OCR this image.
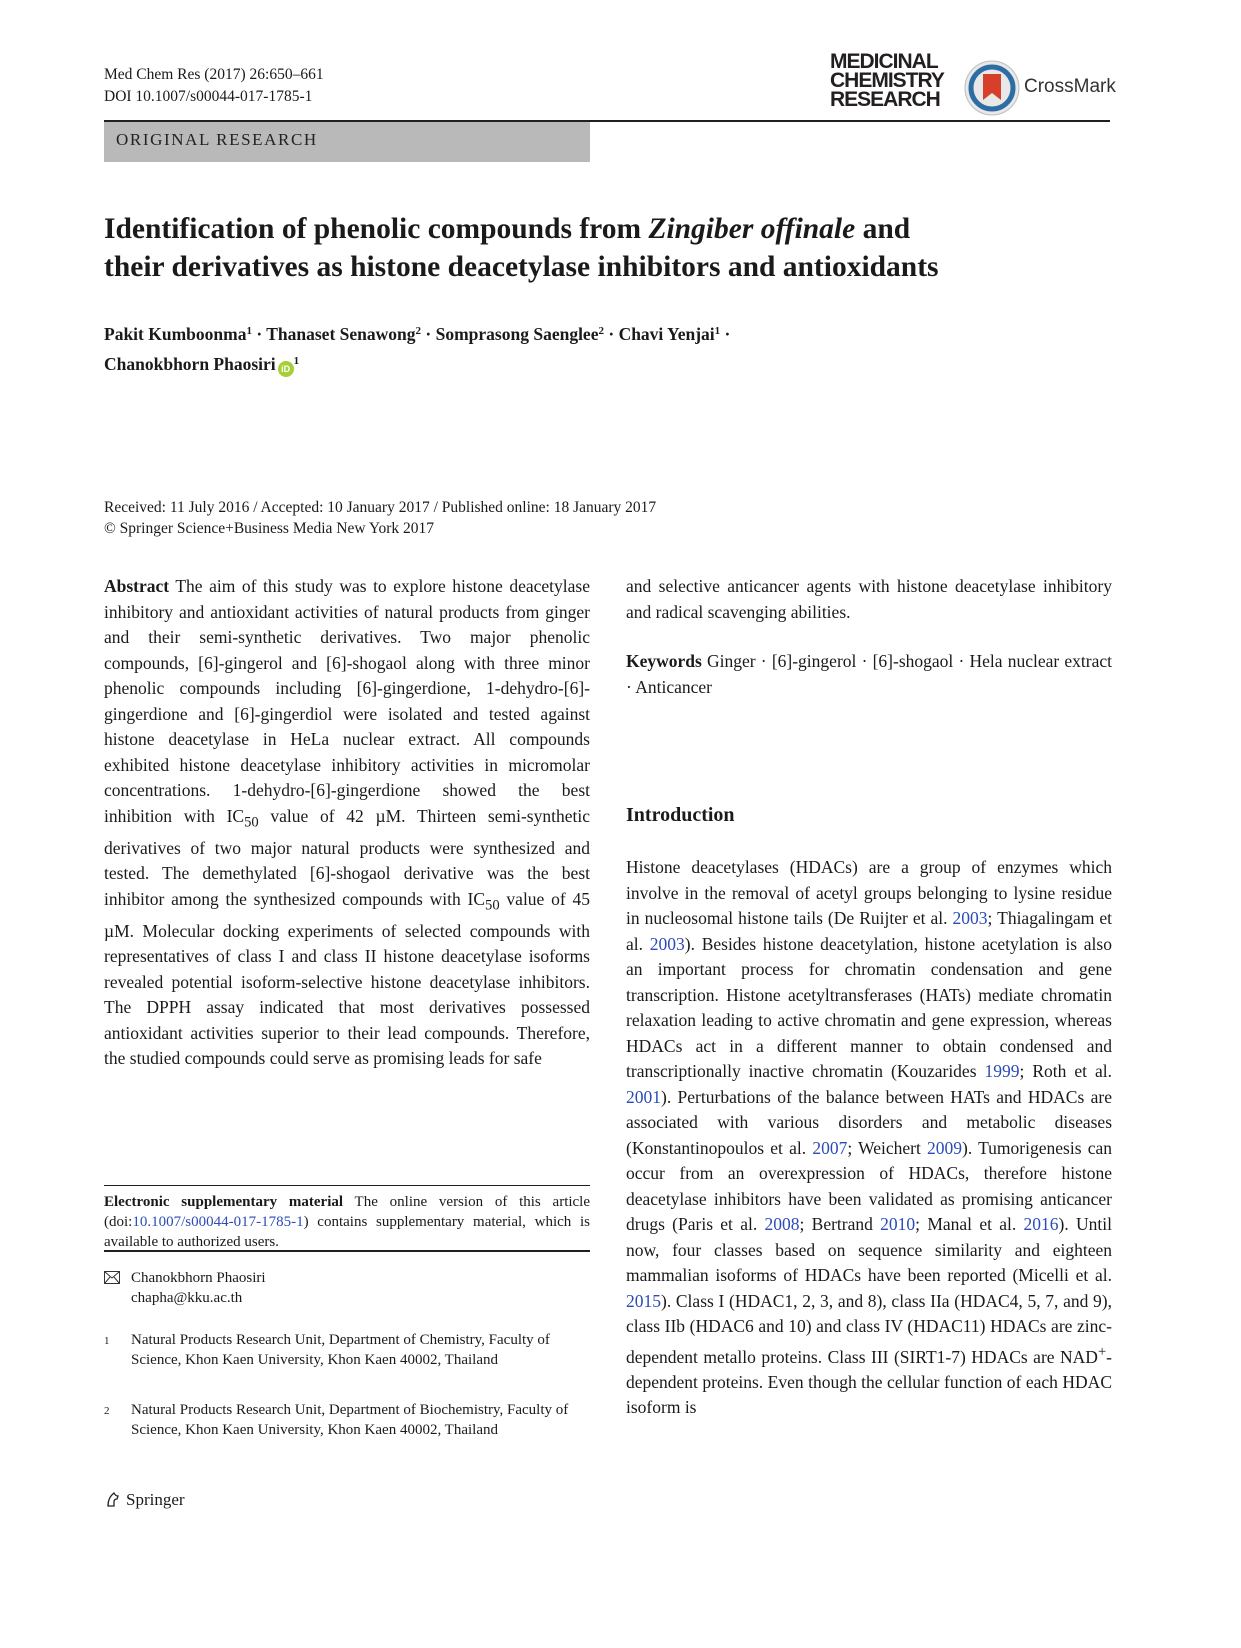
Med Chem Res (2017) 26:650–661
DOI 10.1007/s00044-017-1785-1
MEDICINAL
CHEMISTRY
RESEARCH
CrossMark
ORIGINAL RESEARCH
Identification of phenolic compounds from Zingiber offinale and
their derivatives as histone deacetylase inhibitors and antioxidants
Pakit Kumboonma$^1$ · Thanaset Senawong$^2$ · Somprasong Saenglee$^2$ · Chavi Yenjai$^1$ ·
Chanokbhorn Phaosiri $iD^1$
Received: 11 July 2016 / Accepted: 10 January 2017 / Published online: 18 January 2017
© Springer Science+Business Media New York 2017

Abstract The aim of this study was to explore histone deacetylase inhibitory and antioxidant activities of natural products from ginger and their semi-synthetic derivatives. Two major phenolic compounds, [6]-gingerol and [6]-shogaol along with three minor phenolic compounds including [6]-gingerdione, 1-dehydro-[6]-gingerdione and [6]-gingerdiol were isolated and tested against histone deacetylase in HeLa nuclear extract. All compounds exhibited histone deacetylase inhibitory activities in micromolar concentrations. 1-dehydro-[6]-gingerdione showed the best inhibition with $IC_{50}$ value of 42 µM. Thirteen semi-synthetic derivatives of two major natural products were synthesized and tested. The demethylated [6]-shogaol derivative was the best inhibitor among the synthesized compounds with $IC_{50}$ value of 45 µM. Molecular docking experiments of selected compounds with representatives of class I and class II histone deacetylase isoforms revealed potential isoform-selective histone deacetylase inhibitors. The DPPH assay indicated that most derivatives possessed antioxidant activities superior to their lead compounds. Therefore, the studied compounds could serve as promising leads for safe

Electronic supplementary material The online version of this article (doi:10.1007/s00044-017-1785-1) contains supplementary material, which is available to authorized users.

Chanokbhorn Phaosiri
chapha@kku.ac.th
1	Natural Products Research Unit, Department of Chemistry, Faculty of Science, Khon Kaen University, Khon Kaen 40002, Thailand
2	Natural Products Research Unit, Department of Biochemistry, Faculty of Science, Khon Kaen University, Khon Kaen 40002, Thailand
Springer

and selective anticancer agents with histone deacetylase inhibitory and radical scavenging abilities.

Keywords Ginger · [6]-gingerol · [6]-shogaol · Hela nuclear extract · Anticancer

Introduction

Histone deacetylases (HDACs) are a group of enzymes which involve in the removal of acetyl groups belonging to lysine residue in nucleosomal histone tails (De Ruijter et al. 2003; Thiagalingam et al. 2003). Besides histone deacetylation, histone acetylation is also an important process for chromatin condensation and gene transcription. Histone acetyltransferases (HATs) mediate chromatin relaxation leading to active chromatin and gene expression, whereas HDACs act in a different manner to obtain condensed and transcriptionally inactive chromatin (Kouzarides 1999; Roth et al. 2001). Perturbations of the balance between HATs and HDACs are associated with various disorders and metabolic diseases (Konstantinopoulos et al. 2007; Weichert 2009). Tumorigenesis can occur from an overexpression of HDACs, therefore histone deacetylase inhibitors have been validated as promising anticancer drugs (Paris et al. 2008; Bertrand 2010; Manal et al. 2016). Until now, four classes based on sequence similarity and eighteen mammalian isoforms of HDACs have been reported (Micelli et al. 2015). Class I (HDAC1, 2, 3, and 8), class IIa (HDAC4, 5, 7, and 9), class IIb (HDAC6 and 10) and class IV (HDAC11) HDACs are zinc-dependent metallo proteins. Class III (SIRT1-7) HDACs are NAD+-dependent proteins. Even though the cellular function of each HDAC isoform is
